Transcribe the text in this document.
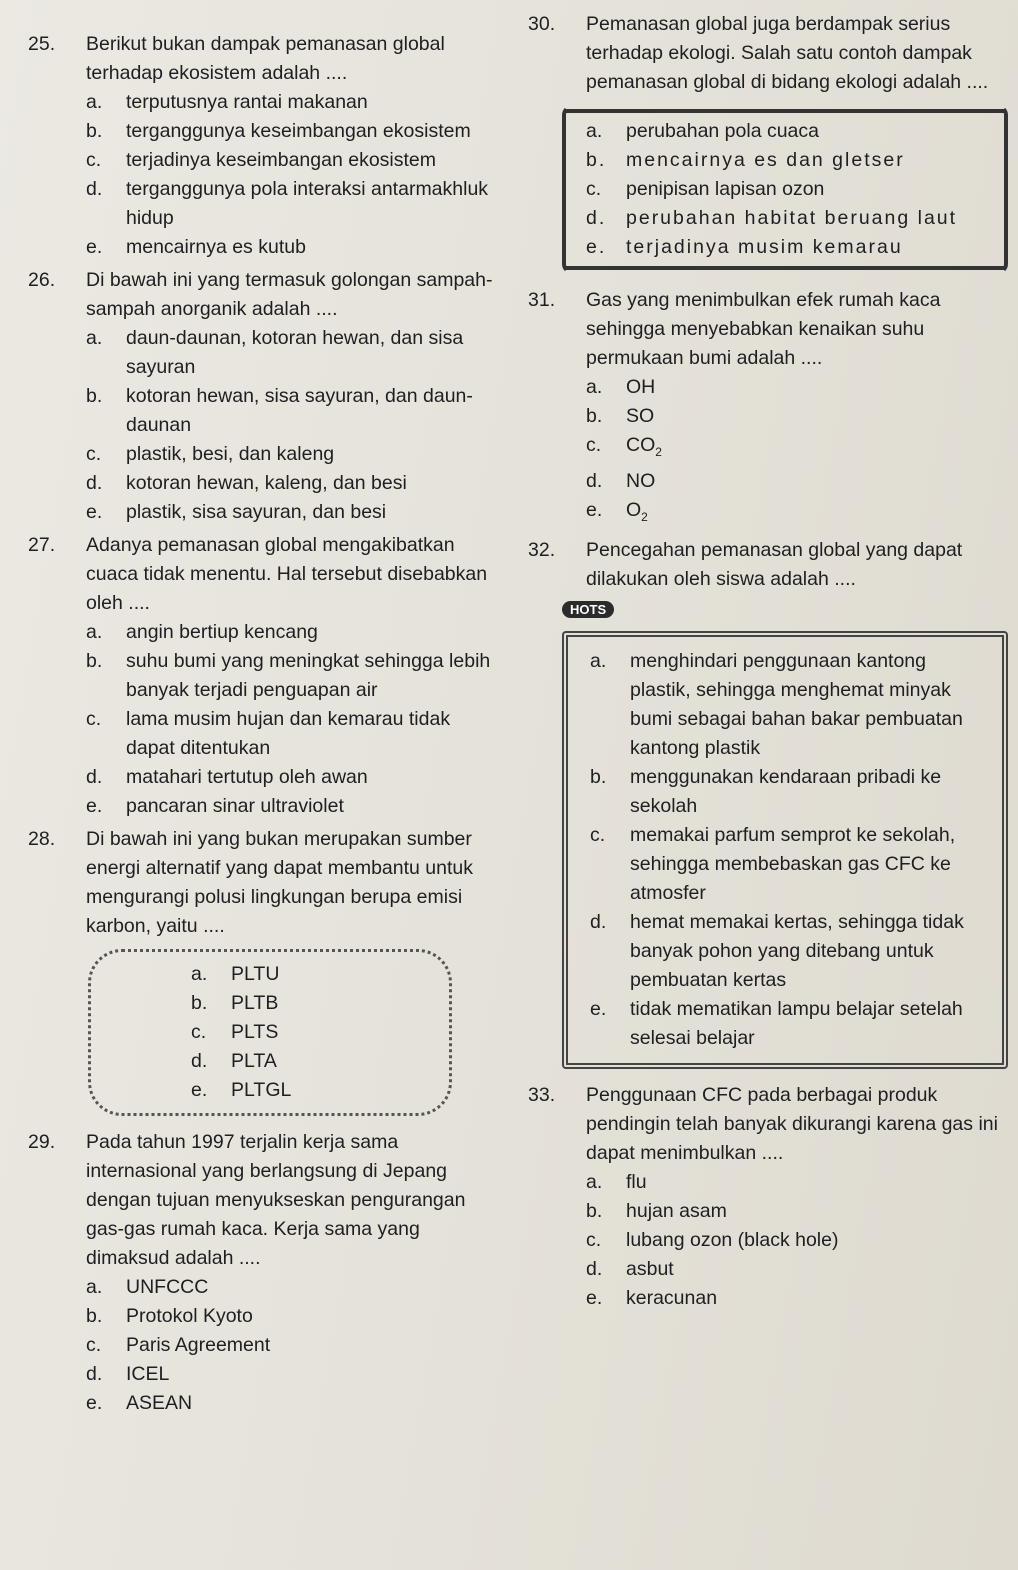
25.	Berikut bukan dampak pemanasan global terhadap ekosistem adalah ....
a.	terputusnya rantai makanan
b.	terganggunya keseimbangan ekosistem
c.	terjadinya keseimbangan ekosistem
d.	terganggunya pola interaksi antarmakhluk hidup
e.	mencairnya es kutub
26.	Di bawah ini yang termasuk golongan sampah-sampah anorganik adalah ....
a.	daun-daunan, kotoran hewan, dan sisa sayuran
b.	kotoran hewan, sisa sayuran, dan daun-daunan
c.	plastik, besi, dan kaleng
d.	kotoran hewan, kaleng, dan besi
e.	plastik, sisa sayuran, dan besi
27.	Adanya pemanasan global mengakibatkan cuaca tidak menentu. Hal tersebut disebabkan oleh ....
a.	angin bertiup kencang
b.	suhu bumi yang meningkat sehingga lebih banyak terjadi penguapan air
c.	lama musim hujan dan kemarau tidak dapat ditentukan
d.	matahari tertutup oleh awan
e.	pancaran sinar ultraviolet
28.	Di bawah ini yang bukan merupakan sumber energi alternatif yang dapat membantu untuk mengurangi polusi lingkungan berupa emisi karbon, yaitu ....
a.	PLTU
b.	PLTB
c.	PLTS
d.	PLTA
e.	PLTGL
29.	Pada tahun 1997 terjalin kerja sama internasional yang berlangsung di Jepang dengan tujuan menyukseskan pengurangan gas-gas rumah kaca. Kerja sama yang dimaksud adalah ....
a.	UNFCCC
b.	Protokol Kyoto
c.	Paris Agreement
d.	ICEL
e.	ASEAN
30.	Pemanasan global juga berdampak serius terhadap ekologi. Salah satu contoh dampak pemanasan global di bidang ekologi adalah ....
a.	perubahan pola cuaca
b.	mencairnya es dan gletser
c.	penipisan lapisan ozon
d.	perubahan habitat beruang laut
e.	terjadinya musim kemarau
31.	Gas yang menimbulkan efek rumah kaca sehingga menyebabkan kenaikan suhu permukaan bumi adalah ....
a.	OH
b.	SO
c.	$CO_2$
d.	NO
e.	$O_2$
32.	Pencegahan pemanasan global yang dapat dilakukan oleh siswa adalah ....
HOTS
a.	menghindari penggunaan kantong plastik, sehingga menghemat minyak bumi sebagai bahan bakar pembuatan kantong plastik
b.	menggunakan kendaraan pribadi ke sekolah
c.	memakai parfum semprot ke sekolah, sehingga membebaskan gas CFC ke atmosfer
d.	hemat memakai kertas, sehingga tidak banyak pohon yang ditebang untuk pembuatan kertas
e.	tidak mematikan lampu belajar setelah selesai belajar
33.	Penggunaan CFC pada berbagai produk pendingin telah banyak dikurangi karena gas ini dapat menimbulkan ....
a.	flu
b.	hujan asam
c.	lubang ozon (black hole)
d.	asbut
e.	keracunan
